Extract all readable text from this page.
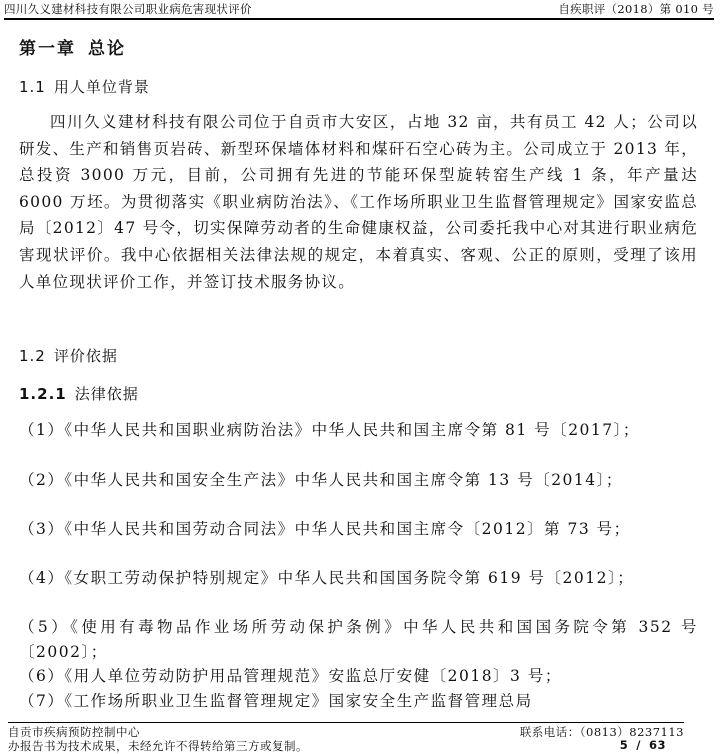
四川久义建材科技有限公司职业病危害现状评价	自疾职评（2018）第 010 号
第一章 总论
1.1 用人单位背景

四川久义建材科技有限公司位于自贡市大安区，占地 32 亩，共有员工 42 人；公司以研发、生产和销售页岩砖、新型环保墙体材料和煤矸石空心砖为主。公司成立于 2013 年，总投资 3000 万元，目前，公司拥有先进的节能环保型旋转窑生产线 1 条，年产量达 6000 万坯。为贯彻落实《职业病防治法》、《工作场所职业卫生监督管理规定》国家安监总局〔2012〕47 号令，切实保障劳动者的生命健康权益，公司委托我中心对其进行职业病危害现状评价。我中心依据相关法律法规的规定，本着真实、客观、公正的原则，受理了该用人单位现状评价工作，并签订技术服务协议。

1.2 评价依据
1.2.1 法律依据

（1）《中华人民共和国职业病防治法》中华人民共和国主席令第 81 号〔2017〕；

（2）《中华人民共和国安全生产法》中华人民共和国主席令第 13 号〔2014〕；

（3）《中华人民共和国劳动合同法》中华人民共和国主席令〔2012〕第 73 号；

（4）《女职工劳动保护特别规定》中华人民共和国国务院令第 619 号〔2012〕；

（5）《使用有毒物品作业场所劳动保护条例》中华人民共和国国务院令第 352 号〔2002〕；

（6）《用人单位劳动防护用品管理规范》安监总厅安健〔2018〕3 号；

（7）《工作场所职业卫生监督管理规定》国家安全生产监督管理总局

自贡市疾病预防控制中心	联系电话：（0813）8237113
办报告书为技术成果，未经允许不得转给第三方或复制。	5 / 63
